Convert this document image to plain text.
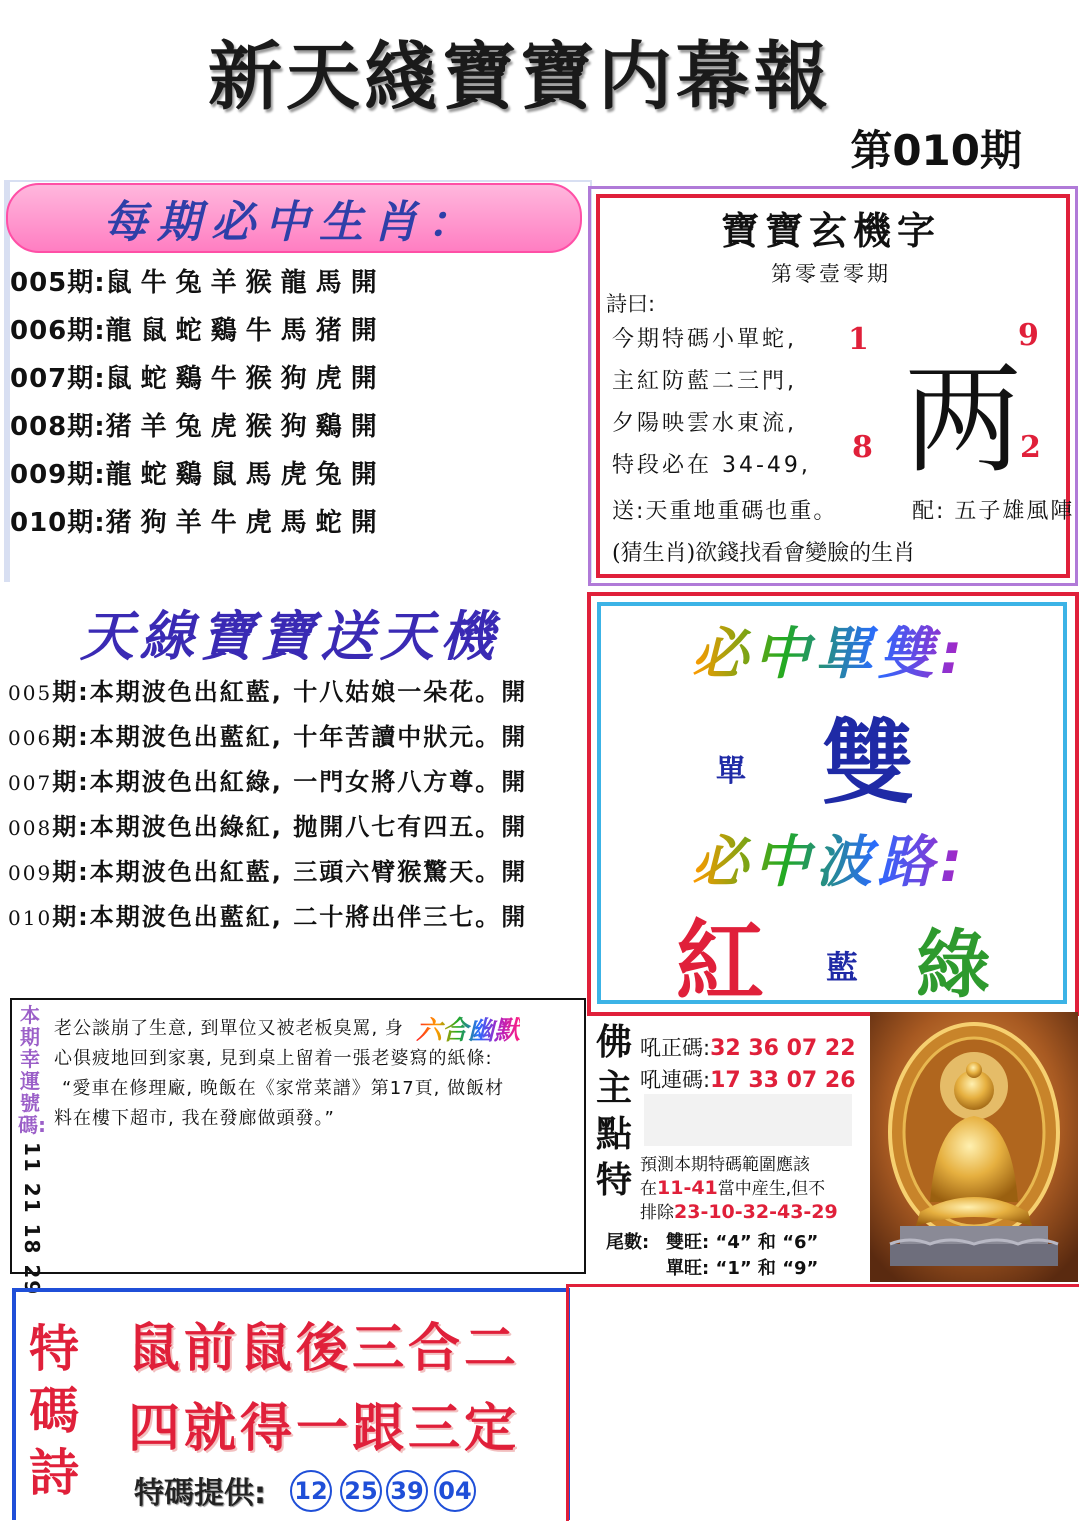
新天綫寶寶内幕報
第010期
每期必中生肖：
005期:鼠牛兔羊猴龍馬開
006期:龍鼠蛇鷄牛馬猪開
007期:鼠蛇鷄牛猴狗虎開
008期:猪羊兔虎猴狗鷄開
009期:龍蛇鷄鼠馬虎兔開
010期:猪狗羊牛虎馬蛇開
寶寶玄機字
第零壹零期
詩曰:
今期特碼小單蛇,
主紅防藍二三門,
夕陽映雲水東流,
特段必在 34-49,
1	9
8	2
两
送:天重地重碼也重。	配: 五子雄風陣
(猜生肖)欲錢找看會變臉的生肖
天線寶寶送天機
005期:本期波色出紅藍, 十八姑娘一朵花。開
006期:本期波色出藍紅, 十年苦讀中狀元。開
007期:本期波色出紅綠, 一門女將八方尊。開
008期:本期波色出綠紅, 抛開八七有四五。開
009期:本期波色出紅藍, 三頭六臂猴驚天。開
010期:本期波色出藍紅, 二十將出伴三七。開
必中單雙:
單 雙
必中波路:
紅 藍 綠
本期幸運號碼:
11 21 18 29
六合幽默
老公談崩了生意, 到單位又被老板臭罵, 身
心俱疲地回到家裏, 見到桌上留着一張老婆寫的紙條:
“愛車在修理廠, 晚飯在《家常菜譜》第17頁, 做飯材
料在樓下超市, 我在發廊做頭發。”
佛主點特
吼正碼:32 36 07 22
吼連碼:17 33 07 26
預測本期特碼範圍應該
在11-41當中産生,但不
排除23-10-32-43-29
尾數: 雙旺: “4” 和 “6”
單旺: “1” 和 “9”
特碼詩
鼠前鼠後三合二
四就得一跟三定
特碼提供: 12 25 39 04
